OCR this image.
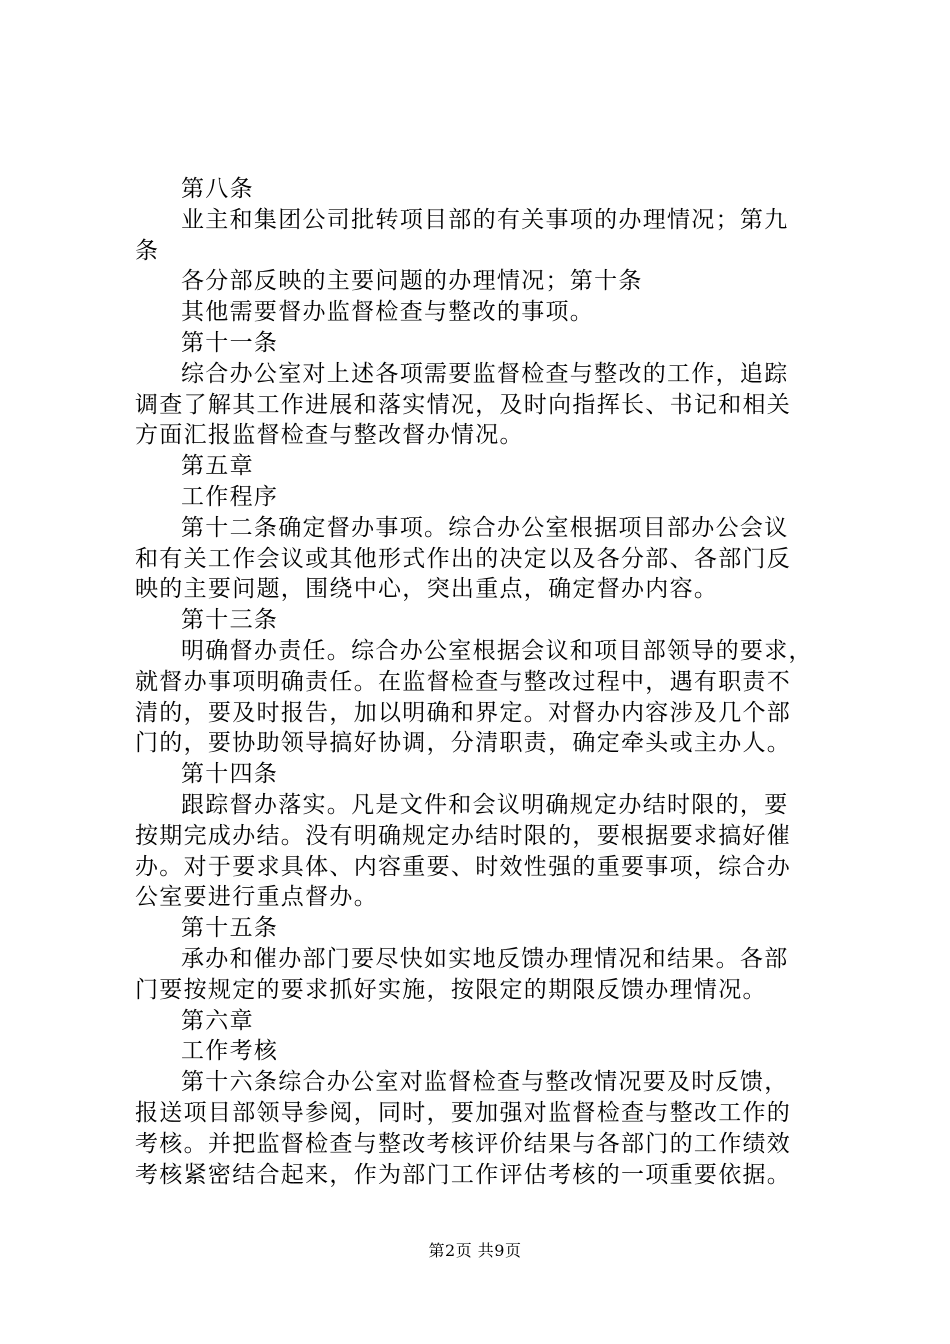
第八条
业主和集团公司批转项目部的有关事项的办理情况；第九
条
各分部反映的主要问题的办理情况；第十条
其他需要督办监督检查与整改的事项。
第十一条
综合办公室对上述各项需要监督检查与整改的工作，追踪
调查了解其工作进展和落实情况，及时向指挥长、书记和相关
方面汇报监督检查与整改督办情况。
第五章
工作程序
第十二条确定督办事项。综合办公室根据项目部办公会议
和有关工作会议或其他形式作出的决定以及各分部、各部门反
映的主要问题，围绕中心，突出重点，确定督办内容。
第十三条
明确督办责任。综合办公室根据会议和项目部领导的要求，
就督办事项明确责任。在监督检查与整改过程中，遇有职责不
清的，要及时报告，加以明确和界定。对督办内容涉及几个部
门的，要协助领导搞好协调，分清职责，确定牵头或主办人。
第十四条
跟踪督办落实。凡是文件和会议明确规定办结时限的，要
按期完成办结。没有明确规定办结时限的，要根据要求搞好催
办。对于要求具体、内容重要、时效性强的重要事项，综合办
公室要进行重点督办。
第十五条
承办和催办部门要尽快如实地反馈办理情况和结果。各部
门要按规定的要求抓好实施，按限定的期限反馈办理情况。
第六章
工作考核
第十六条综合办公室对监督检查与整改情况要及时反馈，
报送项目部领导参阅，同时，要加强对监督检查与整改工作的
考核。并把监督检查与整改考核评价结果与各部门的工作绩效
考核紧密结合起来，作为部门工作评估考核的一项重要依据。
第2页 共9页
